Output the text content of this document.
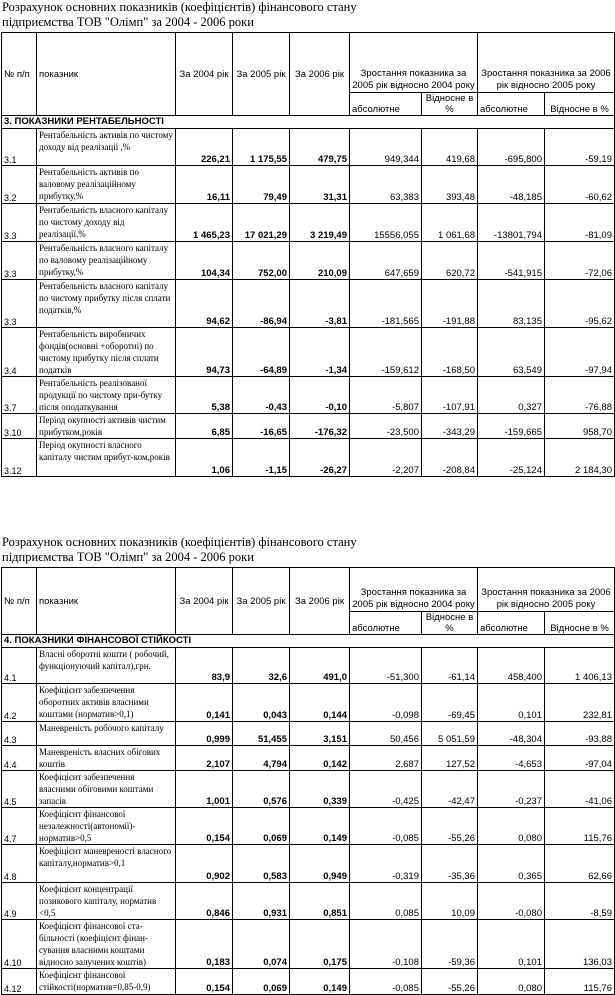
Розрахунок основних показників (коефіцієнтів) фінансового стану
підприємства ТОВ "Олімп" за 2004 - 2006 роки
№ п/п	показник	За 2004 рік	За 2005 рік	За 2006 рік	Зростання показника за 2005 рік відносно 2004 року		Зростання показника за 2006 рік відносно 2005 року	
					абсолютне	Відносне в %	абсолютне	Відносне в %
3. ПОКАЗНИКИ РЕНТАБЕЛЬНОСТІ								
3.1	Рентабельність активів по чистому доходу від реалізації ,%	226,21	1 175,55	479,75	949,344	419,68	-695,800	-59,19
3.2	Рентабельність активів по валовому реалізаційному прибутку,%	16,11	79,49	31,31	63,383	393,48	-48,185	-60,62
3.3	Рентабельність власного капіталу по чистому доходу від реалізації,%	1 465,23	17 021,29	3 219,49	15556,055	1 061,68	-13801,794	-81,09
3.3	Рентабельність власного капіталу по валовому реалізаційному прибутку,%	104,34	752,00	210,09	647,659	620,72	-541,915	-72,06
3.3	Рентабельність власного капіталу по чистому прибутку після сплати податків,%	94,62	-86,94	-3,81	-181,565	-191,88	83,135	-95,62
3.4	Рентабельність виробничих фондів(основні +оборотні) по чистому прибутку після сплати податків	94,73	-64,89	-1,34	-159,612	-168,50	63,549	-97,94
3.7	Рентабельність реалізованої продукції по чистому при-бутку після оподаткування	5,38	-0,43	-0,10	-5,807	-107,91	0,327	-76,88
3.10	Період окупності активів чистим прибутком,років	6,85	-16,65	-176,32	-23,500	-343,29	-159,665	958,70
3.12	Період окупності власного капіталу чистим прибут-ком,років	1,06	-1,15	-26,27	-2,207	-208,84	-25,124	2 184,30
Розрахунок основних показників (коефіцієнтів) фінансового стану
підприємства ТОВ "Олімп" за 2004 - 2006 роки
№ п/п	показник	За 2004 рік	За 2005 рік	За 2006 рік	Зростання показника за 2005 рік відносно 2004 року		Зростання показника за 2006 рік відносно 2005 року	
					абсолютне	Відносне в %	абсолютне	Відносне в %
4. ПОКАЗНИКИ ФІНАНСОВОЇ СТІЙКОСТІ								
4.1	Власні оборотні кошти ( робочий, функціонуючий капітал),грн.	83,9	32,6	491,0	-51,300	-61,14	458,400	1 406,13
4.2	Коефіцієнт забезпечення оборотних активів власними коштами (норматив>0,1)	0,141	0,043	0,144	-0,098	-69,45	0,101	232,81
4.3	Маневреність робочого капіталу	0,999	51,455	3,151	50,456	5 051,59	-48,304	-93,88
4.4	Маневреність власних обігових коштів	2,107	4,794	0,142	2,687	127,52	-4,653	-97,04
4.5	Коефіцієнт забезпечення власними обіговими коштами запасів	1,001	0,576	0,339	-0,425	-42,47	-0,237	-41,06
4.7	Коефіцієнт фінансової незалежності(автономії)- норматив>0,5	0,154	0,069	0,149	-0,085	-55,26	0,080	115,76
4.8	Коефіцієнт маневреності власного капіталу,норматив>0,1	0,902	0,583	0,949	-0,319	-35,36	0,365	62,66
4.9	Коефіцієнт концентрації позикового капіталу, норматив <0,5	0,846	0,931	0,851	0,085	10,09	-0,080	-8,59
4.10	Коефіцієнт фінансової ста-більності (коефіцієнт фінан-сування власними коштами відносно залучених коштів)	0,183	0,074	0,175	-0,108	-59,36	0,101	136,03
4.12	Коефіцієнт фінансової стійкості(норматив=0,85-0,9)	0,154	0,069	0,149	-0,085	-55,26	0,080	115,76
